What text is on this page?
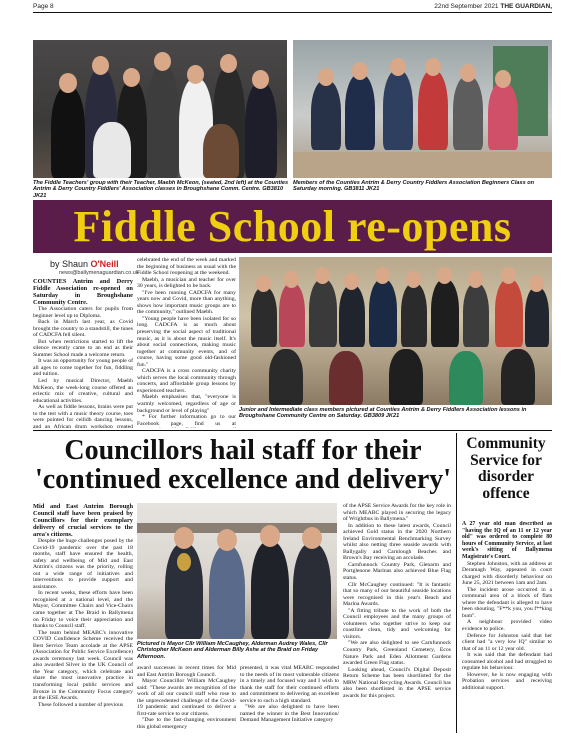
Page 8	22nd September 2021 THE GUARDIAN,
The Fiddle Teachers' group with their Teacher, Maebh McKeon, (seated, 2nd left) at the Counties Antrim & Derry Country Fiddlers' Association classes in Broughshane Comm. Centre. GB3810 JK21
Members of the Counties Antrim & Derry Country Fiddlers Association Beginners Class on Saturday morning. GB3811 JK21
Fiddle School re-opens
by Shaun O'Neill
news@ballymenaguardian.co.uk

COUNTIES Antrim and Derry Fiddle Association re-opened on Saturday in Broughshane Community Centre.

The Association caters for pupils from beginner level up to Diploma.

Back in March last year, as Covid brought the country to a standstill, the tunes of CADCFA fell silent.

But when restrictions started to lift the silence recently came to an end as their Summer School made a welcome return.

It was an opportunity for young people of all ages to come together for fun, fiddling and tuition.

Led by musical Director, Maebh McKeon, the week-long course offered an eclectic mix of creative, cultural and educational activities.

As well as fiddle lessons, brains were put to the test with a music theory course, toes were pointed for ceilidh dancing lessons, and an African drum workshop created

celebrated the end of the week and marked the beginning of business as usual with the Fiddle School reopening at the weekend.

Maebh, a musician and teacher for over 30 years, is delighted to be back.

"I've been running CADCFA for many years now and Covid, more than anything, shows how important music groups are to the community," outlined Maebh.

"Young people have been isolated for so long. CADCFA is as much about preserving the social aspect of traditional music, as it is about the music itself. It's about social connections, making music together at community events, and of course, having some good old-fashioned fun."

CADCFA is a cross community charity which serves the local community through concerts, and affordable group lessons by experienced teachers.

Maebh emphasises that, "everyone is warmly welcomed, regardless of age or background or level of playing"

* For further information go to our Facebook page, find us at

Junior and Intermediate class members pictured at Counties Antrim & Derry Fiddlers Association lessons in Broughshane Community Centre on Saturday. GB3809 JK21
Councillors hail staff for their
'continued excellence and delivery'

Mid and East Antrim Borough Council staff have been praised by Councillors for their exemplary delivery of crucial services to the area's citizens.

Despite the huge challenges posed by the Covid-19 pandemic over the past 18 months, staff have ensured the health, safety and wellbeing of Mid and East Antrim's citizens was the priority, rolling out a wide range of initiatives and interventions to provide support and assistance.

In recent weeks, these efforts have been recognised at a national level, and the Mayor, Committee Chairs and Vice-Chairs came together at The Braid in Ballymena on Friday to voice their appreciation and thanks to Council staff.

The team behind MEABC's innovative COVID Confidence Scheme received the Best Service Team accolade at the APSE (Association for Public Service Excellence) awards ceremony last week. Council was also awarded Silver in the UK Council of the Year category, which celebrate and share the most innovative practice in transforming local public services and Bronze in the Community Focus category at the iESE Awards.

These followed a number of previous

Pictured is Mayor Cllr William McCaughey, Alderman Audrey Wales, Cllr Christopher McKeon and Alderman Billy Ashe at the Braid on Friday Afternoon.

award successes in recent times for Mid and East Antrim Borough Council.

Mayor Councillor William McCaughey said: "These awards are recognition of the work of all our council staff who rose to the unprecedented challenge of the Covid-19 pandemic and continued to deliver a first-rate service to our citizens.

"Due to the fast-changing environment this global emergency

presented, it was vital MEABC responded to the needs of its most vulnerable citizens in a timely and focused way and I wish to thank the staff for their continued efforts and commitment to delivering an excellent service to such a high standard.

"We are also delighted to have been named the winner in the Best Innovation/ Demand Management Initiative category

of the APSE Service Awards for the key role in which MEABC played in securing the legacy of Wrightbus in Ballymena."

In addition to these latest awards, Council achieved Gold status in the 2020 Northern Ireland Environmental Benchmarking Survey whilst also netting three seaside awards with Ballygally and Carnlough Beaches and Brown's Bay receiving an accolade.

Carnfunnock Country Park, Glenarm and Portglenone Marinas also achieved Blue Flag status.

Cllr McCaughey continued: "It is fantastic that so many of our beautiful seaside locations were recognised in this year's Beach and Marina Awards.

"A fitting tribute to the work of both the Council employees and the many groups of volunteers who together strive to keep our coastline clean, tidy and welcoming for visitors.

"We are also delighted to see Carnfunnock Country Park, Greenland Cemetery, Ecos Nature Park and Eden Allotment Gardens awarded Green Flag status.

Looking ahead, Council's Digital Deposit Return Scheme has been shortlisted for the MRW National Recycling Awards. Council has also been shortlisted in the APSE service awards for this project.

Community Service for disorder offence

A 27 year old man described as "having the IQ of an 11 or 12 year old" was ordered to complete 80 hours of Community Service, at last week's sitting of Ballymena Magistrate's Court.

Stephen Johnston, with an address at Deramagh Way, appeared in court charged with disorderly behaviour on June 25, 2021 between 1am and 2am.

The incident arose occurred in a communal area of a block of flats where the defendant is alleged to have been shouting, "F**k you, you f**king bum".

A neighbour provided video evidence to police.

Defence for Johnston said that her client had "a very low IQ" similar to that of an 11 or 12 year old.

It was said that the defendant had consumed alcohol and had struggled to regulate his behaviour.

However, he is now engaging with Probation services and receiving additional support.
